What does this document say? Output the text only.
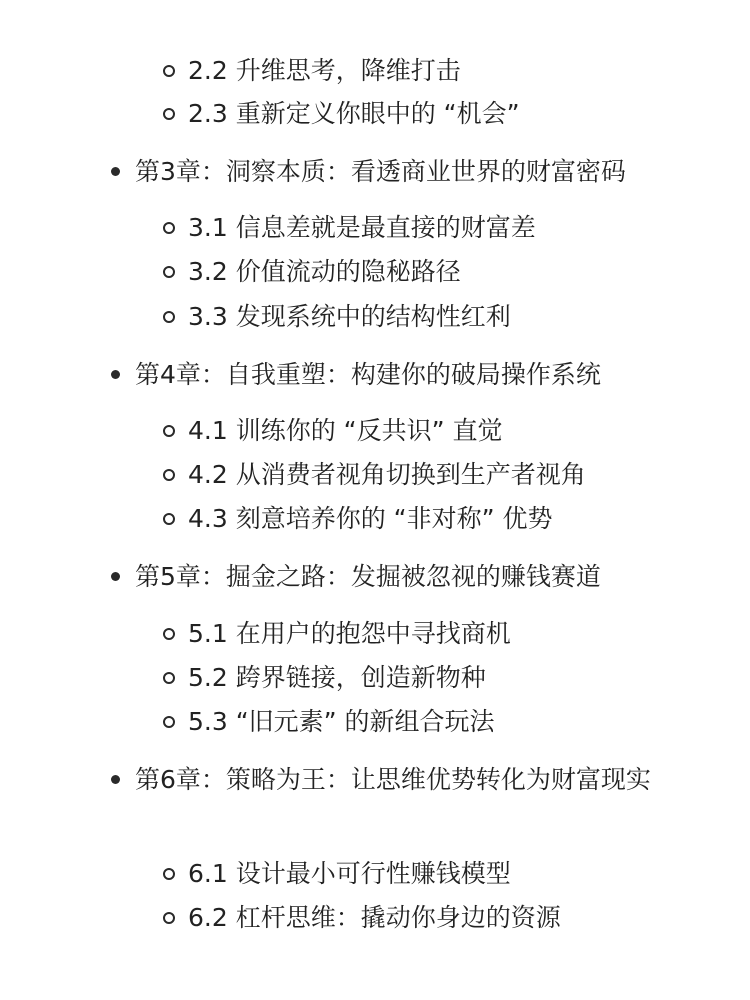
2.2 升维思考，降维打击
2.3 重新定义你眼中的 “机会”
第3章：洞察本质：看透商业世界的财富密码
3.1 信息差就是最直接的财富差
3.2 价值流动的隐秘路径
3.3 发现系统中的结构性红利
第4章：自我重塑：构建你的破局操作系统
4.1 训练你的 “反共识” 直觉
4.2 从消费者视角切换到生产者视角
4.3 刻意培养你的 “非对称” 优势
第5章：掘金之路：发掘被忽视的赚钱赛道
5.1 在用户的抱怨中寻找商机
5.2 跨界链接，创造新物种
5.3 “旧元素” 的新组合玩法
第6章：策略为王：让思维优势转化为财富现实
6.1 设计最小可行性赚钱模型
6.2 杠杆思维：撬动你身边的资源
